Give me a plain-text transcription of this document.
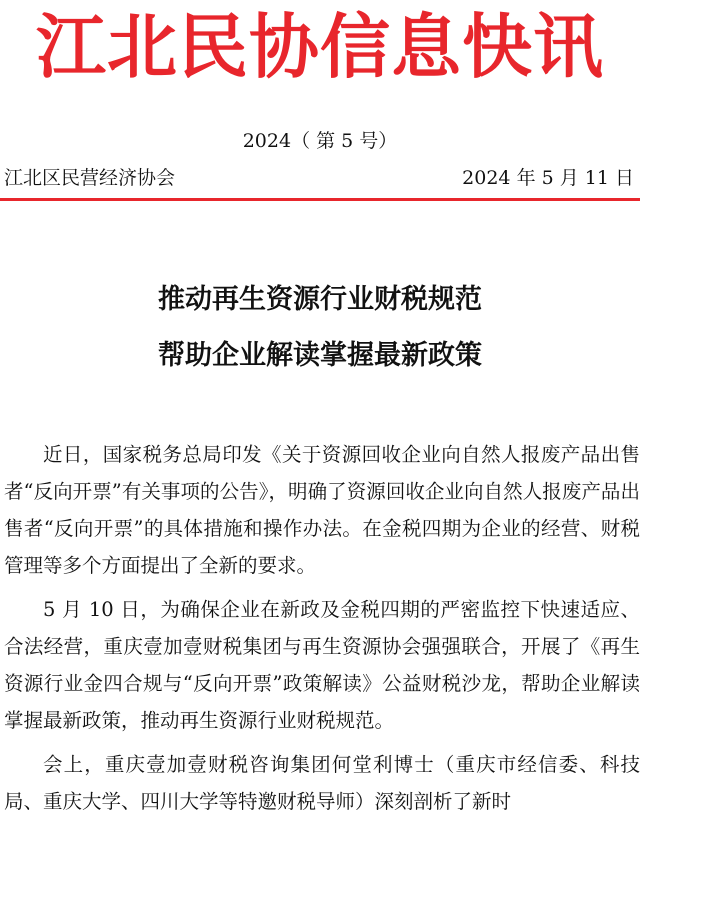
江北民协信息快讯
2024（ 第 5 号）
江北区民营经济协会	2024 年 5 月 11 日
推动再生资源行业财税规范
帮助企业解读掌握最新政策

近日，国家税务总局印发《关于资源回收企业向自然人报废产品出售者“反向开票”有关事项的公告》，明确了资源回收企业向自然人报废产品出售者“反向开票”的具体措施和操作办法。在金税四期为企业的经营、财税管理等多个方面提出了全新的要求。

5 月 10 日，为确保企业在新政及金税四期的严密监控下快速适应、合法经营，重庆壹加壹财税集团与再生资源协会强强联合，开展了《再生资源行业金四合规与“反向开票”政策解读》公益财税沙龙，帮助企业解读掌握最新政策，推动再生资源行业财税规范。

会上，重庆壹加壹财税咨询集团何堂利博士（重庆市经信委、科技局、重庆大学、四川大学等特邀财税导师）深刻剖析了新时
